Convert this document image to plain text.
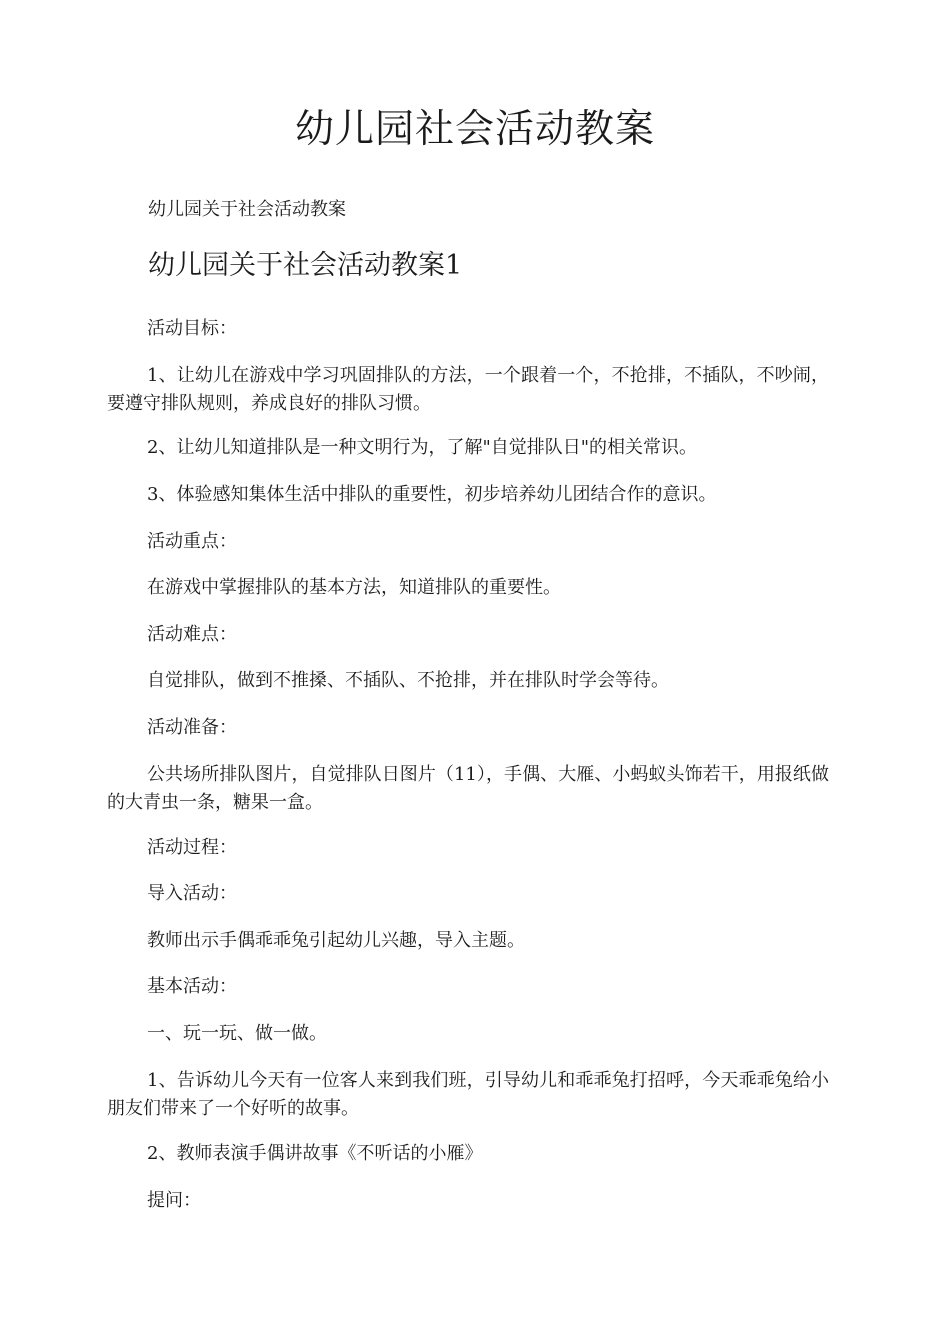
幼儿园社会活动教案

幼儿园关于社会活动教案

幼儿园关于社会活动教案1

活动目标：

1、让幼儿在游戏中学习巩固排队的方法，一个跟着一个，不抢排，不插队，不吵闹，要遵守排队规则，养成良好的排队习惯。

2、让幼儿知道排队是一种文明行为，了解"自觉排队日"的相关常识。

3、体验感知集体生活中排队的重要性，初步培养幼儿团结合作的意识。

活动重点：

在游戏中掌握排队的基本方法，知道排队的重要性。

活动难点：

自觉排队，做到不推搡、不插队、不抢排，并在排队时学会等待。

活动准备：

公共场所排队图片，自觉排队日图片（11），手偶、大雁、小蚂蚁头饰若干，用报纸做的大青虫一条，糖果一盒。

活动过程：

导入活动：

教师出示手偶乖乖兔引起幼儿兴趣，导入主题。

基本活动：

一、玩一玩、做一做。

1、告诉幼儿今天有一位客人来到我们班，引导幼儿和乖乖兔打招呼，今天乖乖兔给小朋友们带来了一个好听的故事。

2、教师表演手偶讲故事《不听话的小雁》

提问：
